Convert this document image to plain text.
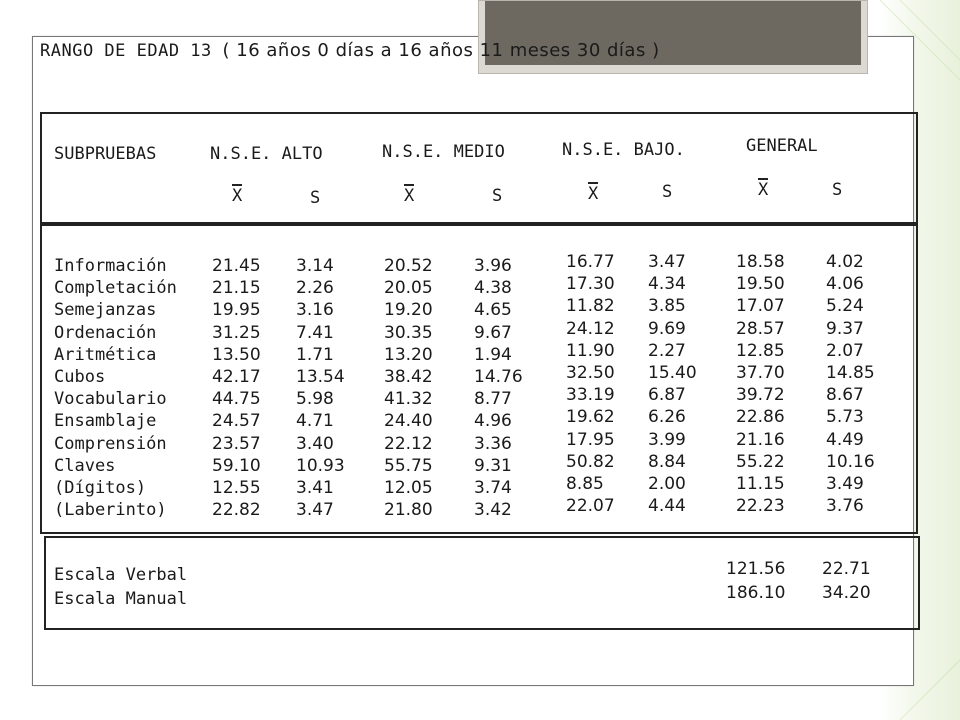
RANGO DE EDAD 13 ( 16 años 0 días a 16 años 11 meses 30 días )
SUBPRUEBAS	N.S.E. ALTO	N.S.E. MEDIO	N.S.E. BAJO.	GENERAL
X	S	X	S	X	S	X	S
Información	21.45 3.14	20.52 3.96	16.77 3.47	18.58 4.02
Completación 21.15 2.26	20.05 4.38	17.30 4.34	19.50 4.06
Semejanzas	19.95 3.16	19.20 4.65	11.82 3.85	17.07 5.24
Ordenación	31.25 7.41	30.35 9.67	24.12 9.69	28.57 9.37
Aritmética	13.50 1.71	13.20 1.94	11.90 2.27	12.85 2.07
Cubos	42.17 13.54 38.42 14.76	32.50 15.40 37.70 14.85
Vocabulario	44.75 5.98	41.32 8.77	33.19 6.87	39.72 8.67
Ensamblaje	24.57 4.71	24.40 4.96	19.62 6.26	22.86 5.73
Comprensión	23.57 3.40	22.12 3.36	17.95 3.99	21.16 4.49
Claves	59.10 10.93 55.75 9.31	50.82 8.84	55.22 10.16
(Dígitos)	12.55 3.41	12.05 3.74	8.85	2.00	11.15 3.49
(Laberinto)	22.82 3.47	21.80 3.42	22.07 4.44	22.23 3.76
Escala Verbal	121.56 22.71
Escala Manual	186.10 34.20
